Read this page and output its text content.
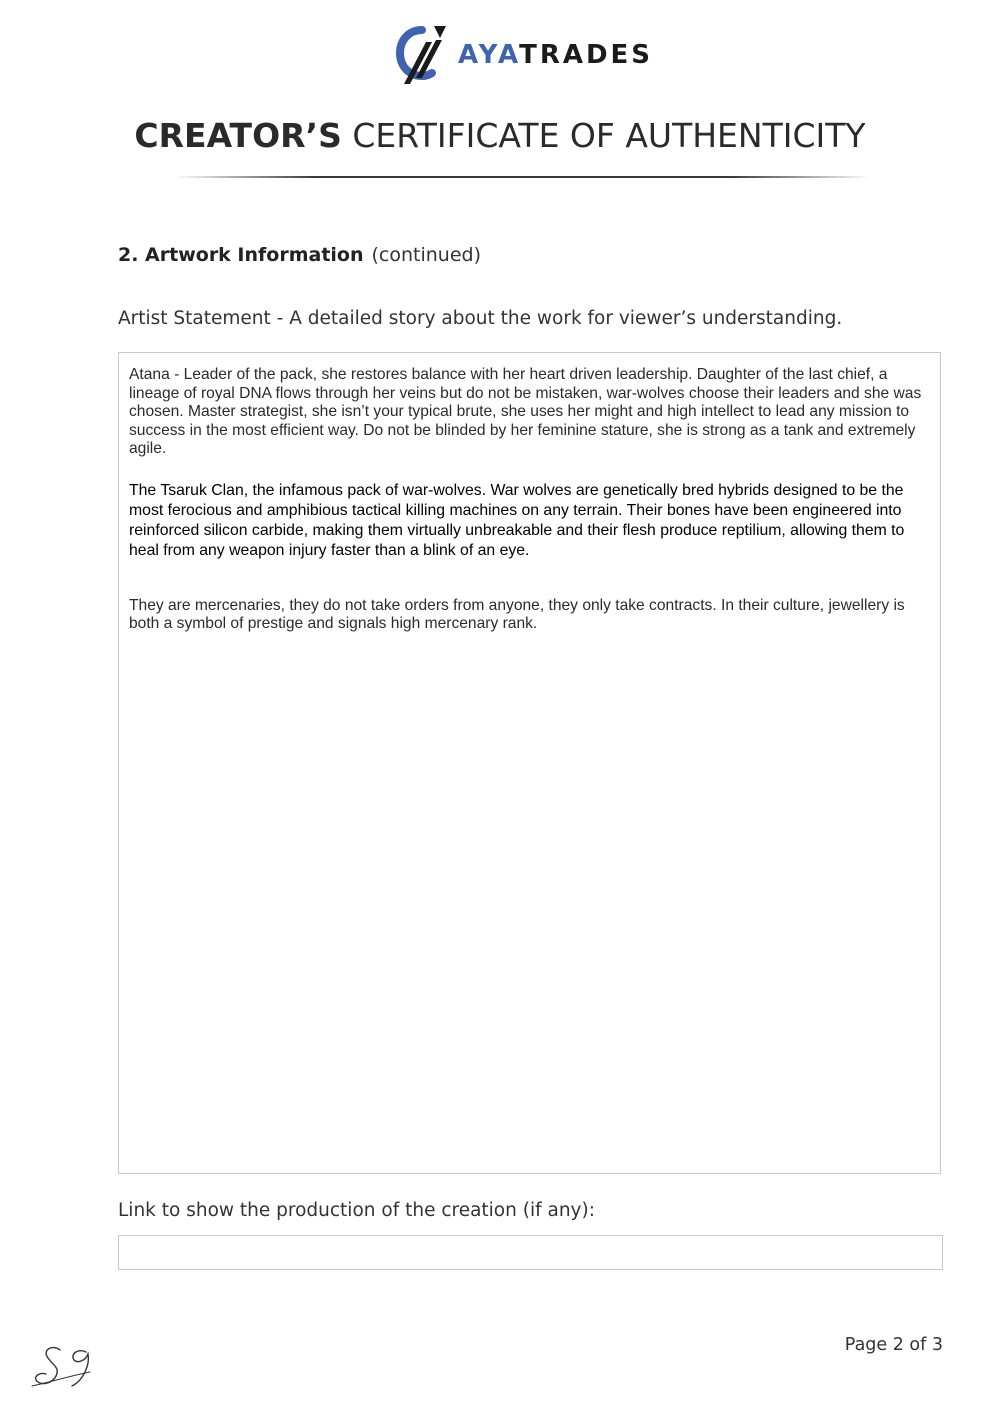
AYATRADES
CREATOR’S CERTIFICATE OF AUTHENTICITY
2. Artwork Information (continued)
Artist Statement - A detailed story about the work for viewer’s understanding.

Atana - Leader of the pack, she restores balance with her heart driven leadership. Daughter of the last chief, a lineage of royal DNA flows through her veins but do not be mistaken, war-wolves choose their leaders and she was chosen. Master strategist, she isn’t your typical brute, she uses her might and high intellect to lead any mission to success in the most efficient way. Do not be blinded by her feminine stature, she is strong as a tank and extremely agile.

The Tsaruk Clan, the infamous pack of war-wolves. War wolves are genetically bred hybrids designed to be the most ferocious and amphibious tactical killing machines on any terrain. Their bones have been engineered into reinforced silicon carbide, making them virtually unbreakable and their flesh produce reptilium, allowing them to heal from any weapon injury faster than a blink of an eye.

They are mercenaries, they do not take orders from anyone, they only take contracts. In their culture, jewellery is both a symbol of prestige and signals high mercenary rank.

Link to show the production of the creation (if any):
Page 2 of 3
